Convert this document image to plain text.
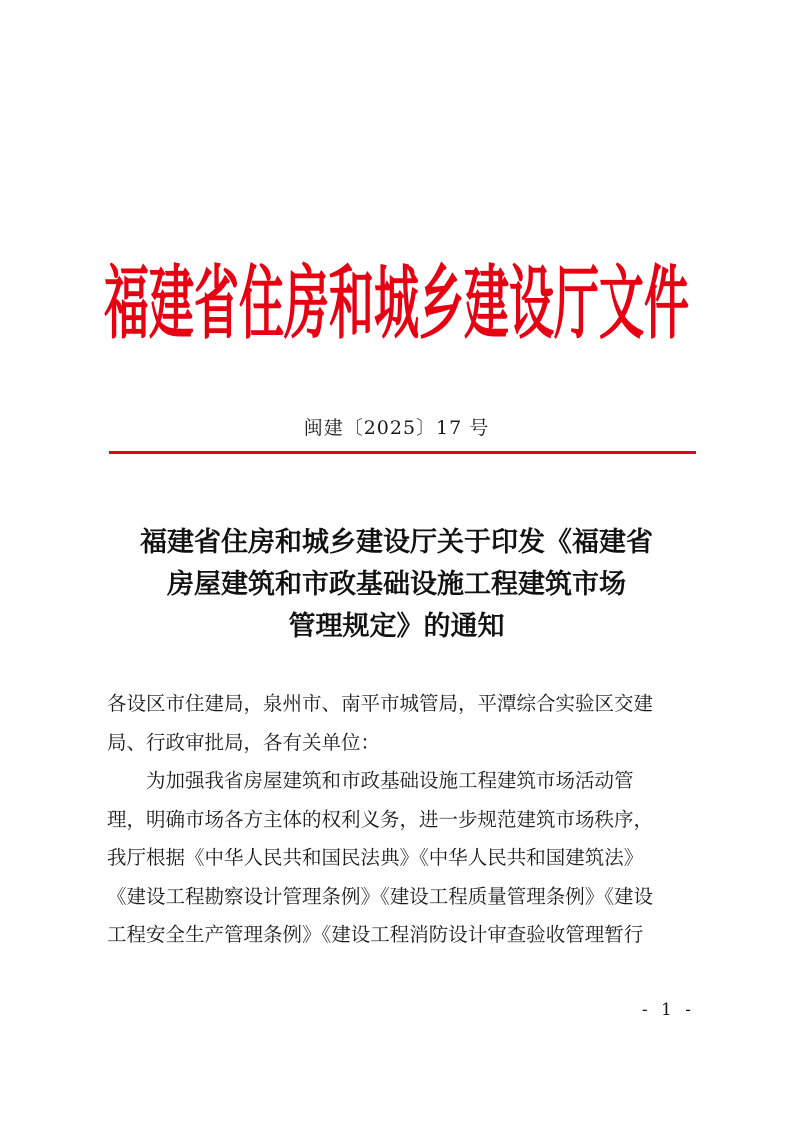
福建省住房和城乡建设厅文件
闽建〔2025〕17 号
福建省住房和城乡建设厅关于印发《福建省
房屋建筑和市政基础设施工程建筑市场
管理规定》的通知

各设区市住建局，泉州市、南平市城管局，平潭综合实验区交建

局、行政审批局，各有关单位：

为加强我省房屋建筑和市政基础设施工程建筑市场活动管

理，明确市场各方主体的权利义务，进一步规范建筑市场秩序，

我厅根据《中华人民共和国民法典》《中华人民共和国建筑法》

《建设工程勘察设计管理条例》《建设工程质量管理条例》《建设

工程安全生产管理条例》《建设工程消防设计审查验收管理暂行

- 1 -
